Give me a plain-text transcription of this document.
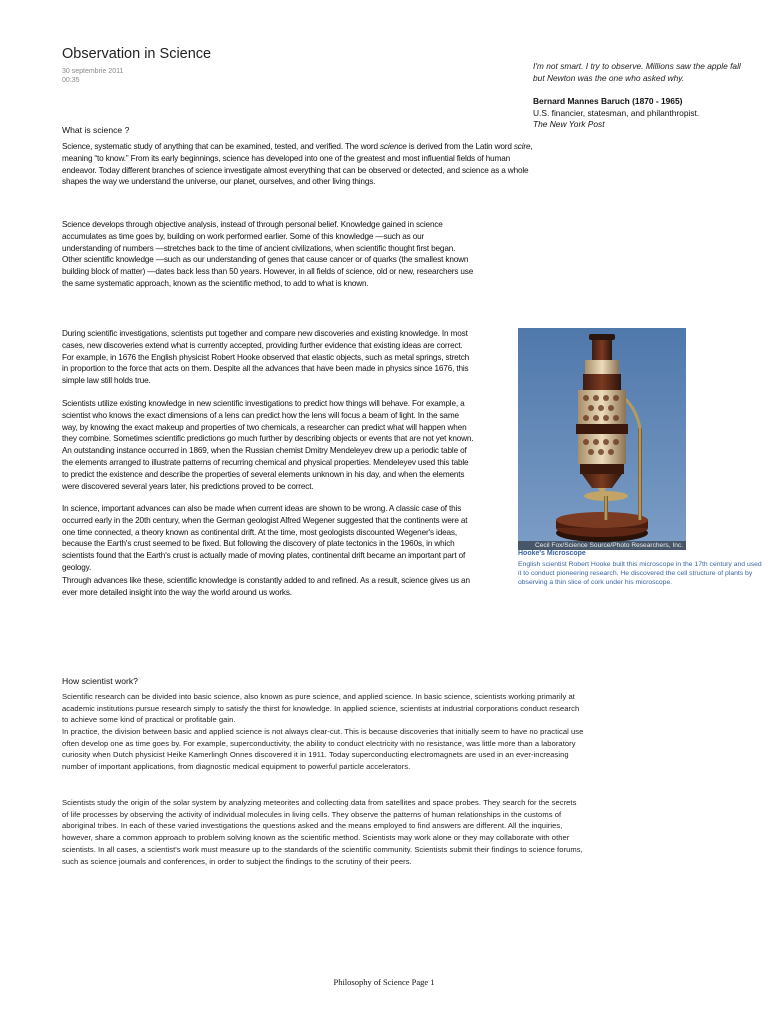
Observation in Science
30 septembrie 2011
00:35
I'm not smart. I try to observe. Millions saw the apple fall but Newton was the one who asked why.
Bernard Mannes Baruch (1870 - 1965)
U.S. financier, statesman, and philanthropist.
The New York Post
What is science ?

Science, systematic study of anything that can be examined, tested, and verified. The word science is derived from the Latin word scire, meaning “to know.” From its early beginnings, science has developed into one of the greatest and most influential fields of human endeavor. Today different branches of science investigate almost everything that can be observed or detected, and science as a whole shapes the way we understand the universe, our planet, ourselves, and other living things.

Science develops through objective analysis, instead of through personal belief. Knowledge gained in science accumulates as time goes by, building on work performed earlier. Some of this knowledge —such as our understanding of numbers —stretches back to the time of ancient civilizations, when scientific thought first began. Other scientific knowledge —such as our understanding of genes that cause cancer or of quarks (the smallest known building block of matter) —dates back less than 50 years. However, in all fields of science, old or new, researchers use the same systematic approach, known as the scientific method, to add to what is known.

During scientific investigations, scientists put together and compare new discoveries and existing knowledge. In most cases, new discoveries extend what is currently accepted, providing further evidence that existing ideas are correct. For example, in 1676 the English physicist Robert Hooke observed that elastic objects, such as metal springs, stretch in proportion to the force that acts on them. Despite all the advances that have been made in physics since 1676, this simple law still holds true.

Scientists utilize existing knowledge in new scientific investigations to predict how things will behave. For example, a scientist who knows the exact dimensions of a lens can predict how the lens will focus a beam of light. In the same way, by knowing the exact makeup and properties of two chemicals, a researcher can predict what will happen when they combine. Sometimes scientific predictions go much further by describing objects or events that are not yet known. An outstanding instance occurred in 1869, when the Russian chemist Dmitry Mendeleyev drew up a periodic table of the elements arranged to illustrate patterns of recurring chemical and physical properties. Mendeleyev used this table to predict the existence and describe the properties of several elements unknown in his day, and when the elements were discovered several years later, his predictions proved to be correct.

In science, important advances can also be made when current ideas are shown to be wrong. A classic case of this occurred early in the 20th century, when the German geologist Alfred Wegener suggested that the continents were at one time connected, a theory known as continental drift. At the time, most geologists discounted Wegener's ideas, because the Earth's crust seemed to be fixed. But following the discovery of plate tectonics in the 1960s, in which scientists found that the Earth's crust is actually made of moving plates, continental drift became an important part of geology.

Through advances like these, scientific knowledge is constantly added to and refined. As a result, science gives us an ever more detailed insight into the way the world around us works.

Cecil Fox/Science Source/Photo Researchers, Inc.
Hooke's Microscope
English scientist Robert Hooke built this microscope in the 17th century and used it to conduct pioneering research. He discovered the cell structure of plants by observing a thin slice of cork under his microscope.
How scientist work?

Scientific research can be divided into basic science, also known as pure science, and applied science. In basic science, scientists working primarily at academic institutions pursue research simply to satisfy the thirst for knowledge. In applied science, scientists at industrial corporations conduct research to achieve some kind of practical or profitable gain.

In practice, the division between basic and applied science is not always clear-cut. This is because discoveries that initially seem to have no practical use often develop one as time goes by. For example, superconductivity, the ability to conduct electricity with no resistance, was little more than a laboratory curiosity when Dutch physicist Heike Kamerlingh Onnes discovered it in 1911. Today superconducting electromagnets are used in an ever-increasing number of important applications, from diagnostic medical equipment to powerful particle accelerators.

Scientists study the origin of the solar system by analyzing meteorites and collecting data from satellites and space probes. They search for the secrets of life processes by observing the activity of individual molecules in living cells. They observe the patterns of human relationships in the customs of aboriginal tribes. In each of these varied investigations the questions asked and the means employed to find answers are different. All the inquiries, however, share a common approach to problem solving known as the scientific method. Scientists may work alone or they may collaborate with other scientists. In all cases, a scientist's work must measure up to the standards of the scientific community. Scientists submit their findings to science forums, such as science journals and conferences, in order to subject the findings to the scrutiny of their peers.

Philosophy of Science Page 1
